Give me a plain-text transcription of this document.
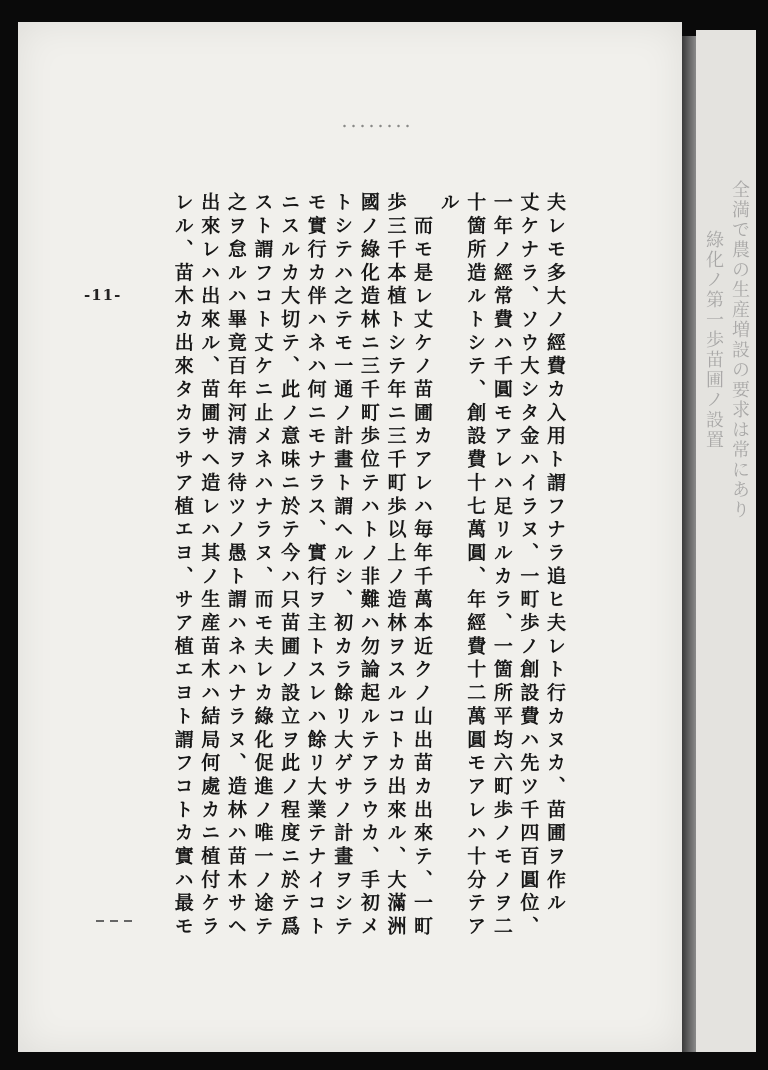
全満で農の生産増設の要求は常にあり
綠化ノ第一歩苗圃ノ設置

夫レモ多大ノ經費カ入用ト謂フナラ追ヒ夫レト行カヌカ、苗圃ヲ作ル

丈ケナラ、ソウ大シタ金ハイラヌ、一町歩ノ創設費ハ先ツ千四百圓位、

一年ノ經常費ハ千圓モアレハ足リルカラ、一箇所平均六町歩ノモノヲ二

十箇所造ルトシテ、創設費十七萬圓、年經費十二萬圓モアレハ十分テア

ル

　而モ是レ丈ケノ苗圃カアレハ毎年千萬本近クノ山出苗カ出來テ、一町

歩三千本植トシテ年ニ三千町歩以上ノ造林ヲスルコトカ出來ル、大滿洲

國ノ綠化造林ニ三千町歩位テハトノ非難ハ勿論起ルテアラウカ、手初メ

トシテハ之テモ一通ノ計畫ト謂ヘルシ、初カラ餘リ大ゲサノ計畫ヲシテ

モ實行カ伴ハネハ何ニモナラス、實行ヲ主トスレハ餘リ大業テナイコト

ニスルカ大切テ、此ノ意味ニ於テ今ハ只苗圃ノ設立ヲ此ノ程度ニ於テ爲

スト謂フコト丈ケニ止メネハナラヌ、而モ夫レカ綠化促進ノ唯一ノ途テ

之ヲ怠ルハ畢竟百年河淸ヲ待ツノ愚ト謂ハネハナラヌ、造林ハ苗木サヘ

出來レハ出來ル、苗圃サヘ造レハ其ノ生産苗木ハ結局何處カニ植付ケラ

レル、苗木カ出來タカラサア植エヨ、サア植エヨト謂フコトカ實ハ最モ

-11-
